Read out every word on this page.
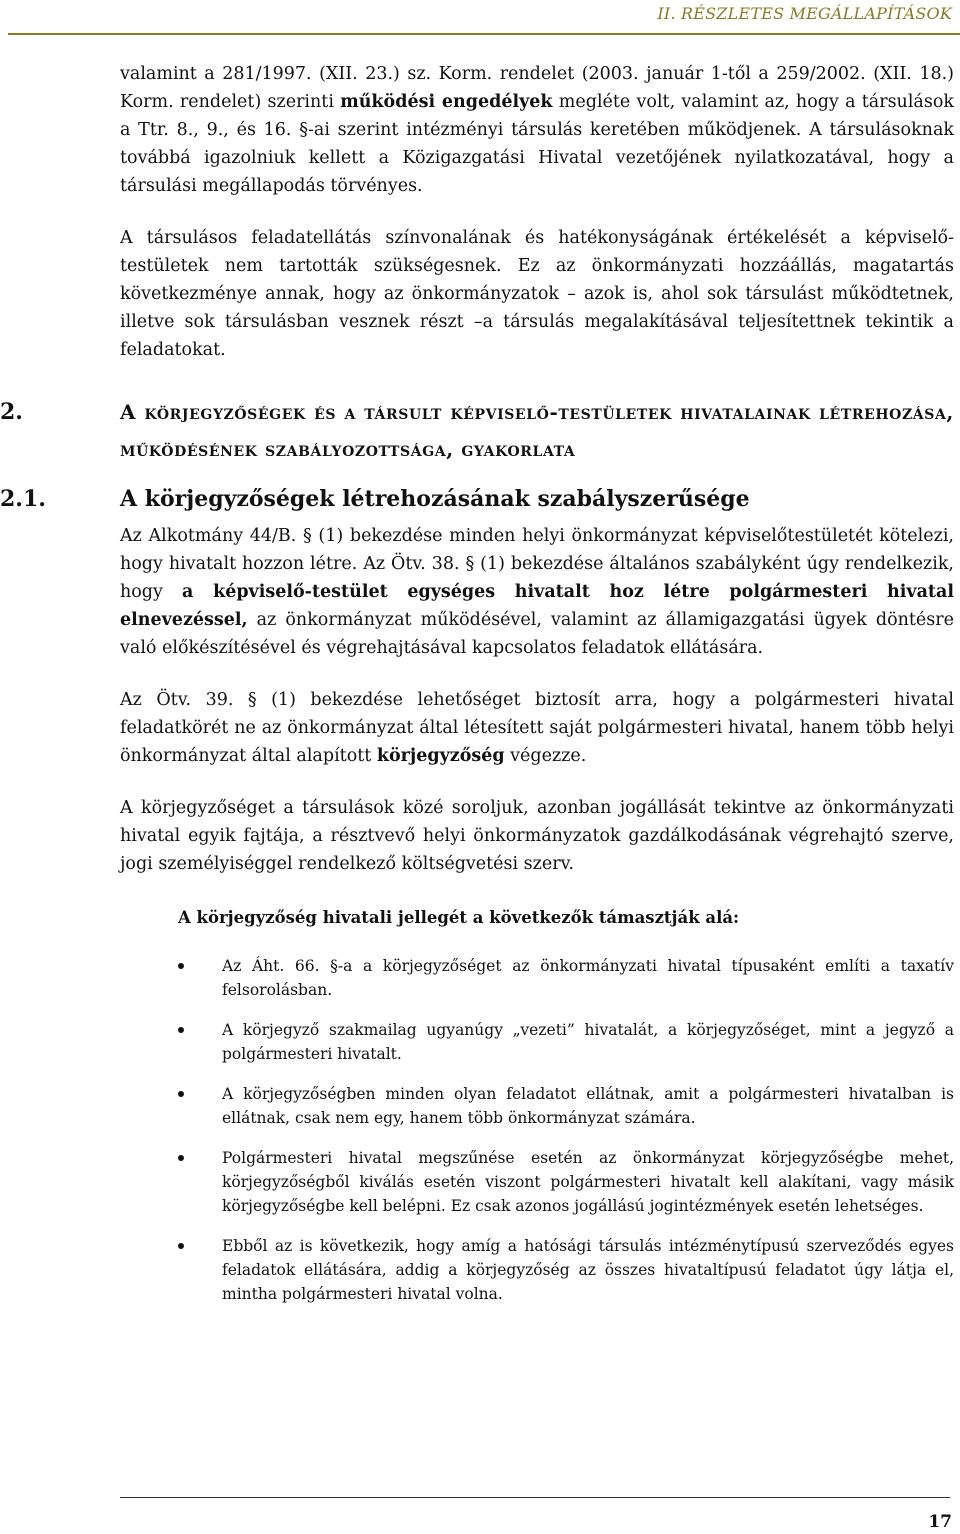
II. RÉSZLETES MEGÁLLAPÍTÁSOK

valamint a 281/1997. (XII. 23.) sz. Korm. rendelet (2003. január 1-től a 259/2002. (XII. 18.) Korm. rendelet) szerinti működési engedélyek megléte volt, valamint az, hogy a társulások a Ttr. 8., 9., és 16. §-ai szerint intézményi társulás keretében működjenek. A társulásoknak továbbá igazolniuk kellett a Közigazgatási Hivatal vezetőjének nyilatkozatával, hogy a társulási megállapodás törvényes.

A társulásos feladatellátás színvonalának és hatékonyságának értékelését a képviselő-testületek nem tartották szükségesnek. Ez az önkormányzati hozzáállás, magatartás következménye annak, hogy az önkormányzatok – azok is, ahol sok társulást működtetnek, illetve sok társulásban vesznek részt –a társulás megalakításával teljesítettnek tekintik a feladatokat.

2.	A körjegyzőségek és a társult képviselő-testületek hivatalainak létrehozása, működésének szabályozottsága, gyakorlata

2.1.	A körjegyzőségek létrehozásának szabályszerűsége

Az Alkotmány 44/B. § (1) bekezdése minden helyi önkormányzat képviselőtestületét kötelezi, hogy hivatalt hozzon létre. Az Ötv. 38. § (1) bekezdése általános szabályként úgy rendelkezik, hogy a képviselő-testület egységes hivatalt hoz létre polgármesteri hivatal elnevezéssel, az önkormányzat működésével, valamint az államigazgatási ügyek döntésre való előkészítésével és végrehajtásával kapcsolatos feladatok ellátására.

Az Ötv. 39. § (1) bekezdése lehetőséget biztosít arra, hogy a polgármesteri hivatal feladatkörét ne az önkormányzat által létesített saját polgármesteri hivatal, hanem több helyi önkormányzat által alapított körjegyzőség végezze.

A körjegyzőséget a társulások közé soroljuk, azonban jogállását tekintve az önkormányzati hivatal egyik fajtája, a résztvevő helyi önkormányzatok gazdálkodásának végrehajtó szerve, jogi személyiséggel rendelkező költségvetési szerv.

A körjegyzőség hivatali jellegét a következők támasztják alá:

Az Áht. 66. §-a a körjegyzőséget az önkormányzati hivatal típusaként említi a taxatív felsorolásban.
A körjegyző szakmailag ugyanúgy „vezeti” hivatalát, a körjegyzőséget, mint a jegyző a polgármesteri hivatalt.
A körjegyzőségben minden olyan feladatot ellátnak, amit a polgármesteri hivatalban is ellátnak, csak nem egy, hanem több önkormányzat számára.
Polgármesteri hivatal megszűnése esetén az önkormányzat körjegyzőségbe mehet, körjegyzőségből kiválás esetén viszont polgármesteri hivatalt kell alakítani, vagy másik körjegyzőségbe kell belépni. Ez csak azonos jogállású jogintézmények esetén lehetséges.
Ebből az is következik, hogy amíg a hatósági társulás intézménytípusú szerveződés egyes feladatok ellátására, addig a körjegyzőség az összes hivataltípusú feladatot úgy látja el, mintha polgármesteri hivatal volna.
17
